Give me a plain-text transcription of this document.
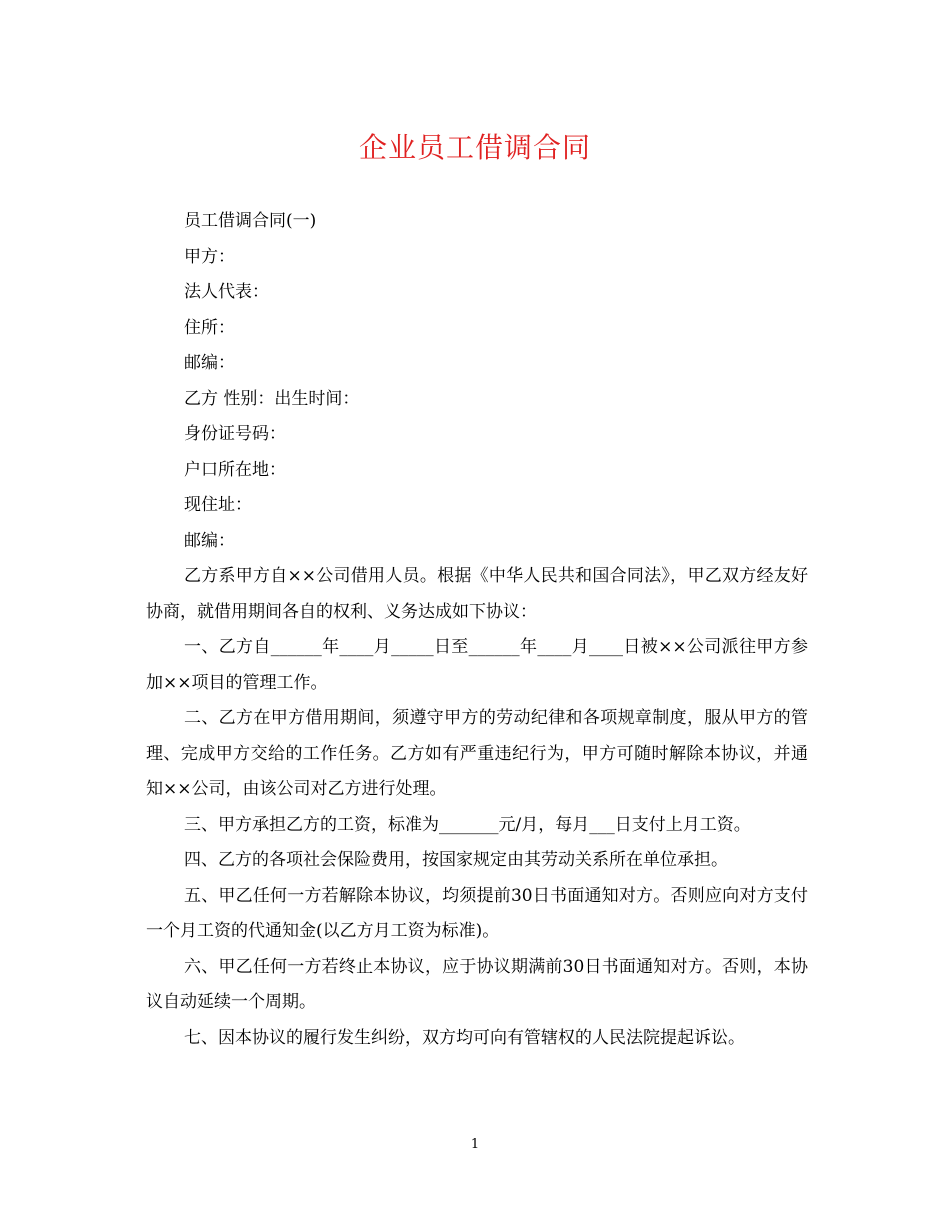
企业员工借调合同

员工借调合同(一)

甲方：

法人代表：

住所：

邮编：

乙方 性别：出生时间：

身份证号码：

户口所在地：

现住址：

邮编：

乙方系甲方自××公司借用人员。根据《中华人民共和国合同法》，甲乙双方经友好协商，就借用期间各自的权利、义务达成如下协议：

一、乙方自______年____月_____日至______年____月____日被××公司派往甲方参加××项目的管理工作。

二、乙方在甲方借用期间，须遵守甲方的劳动纪律和各项规章制度，服从甲方的管理、完成甲方交给的工作任务。乙方如有严重违纪行为，甲方可随时解除本协议，并通知××公司，由该公司对乙方进行处理。

三、甲方承担乙方的工资，标准为_______元/月，每月___日支付上月工资。

四、乙方的各项社会保险费用，按国家规定由其劳动关系所在单位承担。

五、甲乙任何一方若解除本协议，均须提前30日书面通知对方。否则应向对方支付一个月工资的代通知金(以乙方月工资为标准)。

六、甲乙任何一方若终止本协议，应于协议期满前30日书面通知对方。否则，本协议自动延续一个周期。

七、因本协议的履行发生纠纷，双方均可向有管辖权的人民法院提起诉讼。

1
